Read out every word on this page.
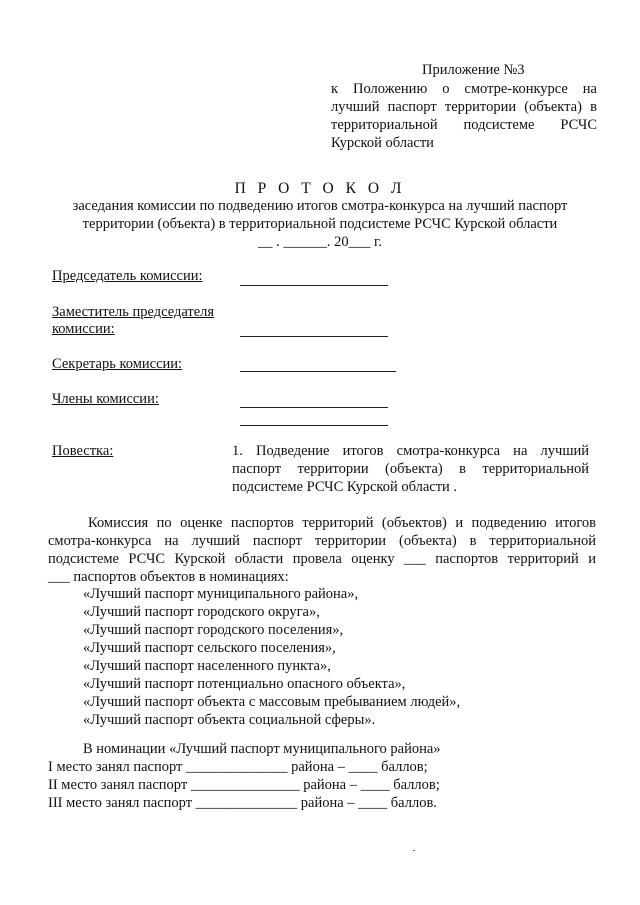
Приложение №3
к Положению о смотре-конкурсе на
лучший паспорт территории (объекта) в
территориальной подсистеме РСЧС
Курской области
П Р О Т О К О Л
заседания комиссии по подведению итогов смотра-конкурса на лучший паспорт
территории (объекта) в территориальной подсистеме РСЧС Курской области
__ . ______. 20___ г.
Председатель комиссии:
Заместитель председателя
комиссии:
Секретарь комиссии:
Члены комиссии:
Повестка:	1. Подведение итогов смотра-конкурса на лучший
паспорт территории (объекта) в территориальной
подсистеме РСЧС Курской области .
Комиссия по оценке паспортов территорий (объектов) и подведению итогов
смотра-конкурса на лучший паспорт территории (объекта) в территориальной
подсистеме РСЧС Курской области провела оценку ___ паспортов территорий и
___ паспортов объектов в номинациях:
«Лучший паспорт муниципального района»,
«Лучший паспорт городского округа»,
«Лучший паспорт городского поселения»,
«Лучший паспорт сельского поселения»,
«Лучший паспорт населенного пункта»,
«Лучший паспорт потенциально опасного объекта»,
«Лучший паспорт объекта с массовым пребыванием людей»,
«Лучший паспорт объекта социальной сферы».
В номинации «Лучший паспорт муниципального района»
I место занял паспорт ______________ района – ____ баллов;
II место занял паспорт _______________ района – ____ баллов;
III место занял паспорт ______________ района – ____ баллов.
